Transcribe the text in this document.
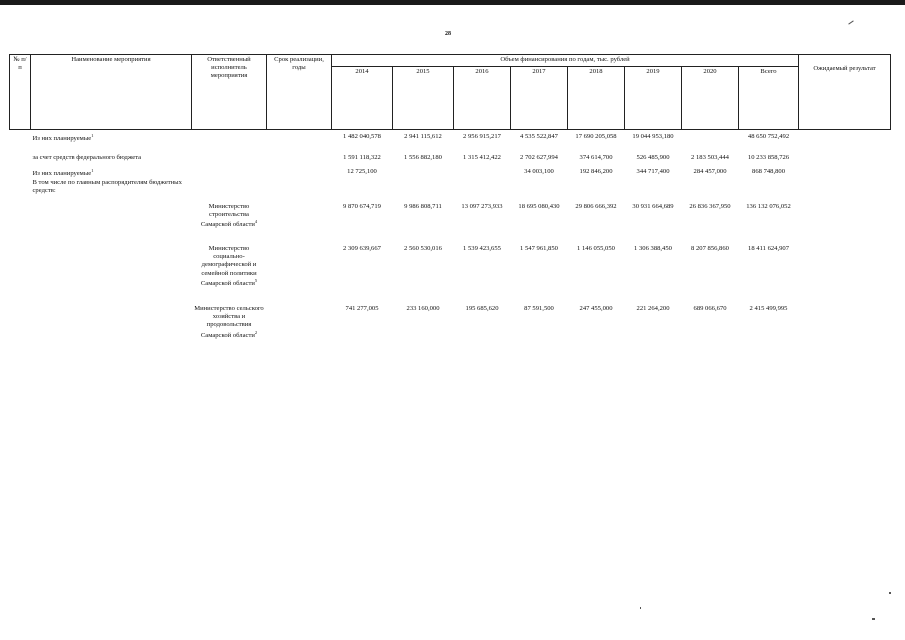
28
№ п/п	Наименование мероприятия	Ответственный исполнитель мероприятия	Срок реализации, годы	Объем финансирования по годам, тыс. рублей								Ожидаемый результат
				2014	2015	2016	2017	2018	2019	2020	Всего	
	Из них планируемые$^1$			1 482 040,578	2 941 115,612	2 956 915,217	4 535 522,847	17 690 205,058	19 044 953,180		48 650 752,492	
	за счет средств федерального бюджета			1 591 118,322	1 556 882,180	1 315 412,422	2 702 627,994	374 614,700	526 485,900	2 183 503,444	10 233 858,726	
	Из них планируемые$^1$			12 725,100			34 003,100	192 846,200	344 717,400	284 457,000	868 748,800	
	В том числе по главным распорядителям бюджетных средств:											
		Министерство строительства Самарской области$^4$		9 870 674,719	9 986 808,711	13 097 273,933	18 695 080,430	29 806 666,392	30 931 664,689	26 836 367,950	136 132 076,052	
		Министерство социально-демографической и семейной политики Самарской области$^5$		2 309 639,667	2 560 530,016	1 539 423,655	1 547 961,850	1 146 055,050	1 306 388,450	8 207 856,860	18 411 624,907	
		Министерство сельского хозяйства и продовольствия Самарской области$^2$		741 277,005	233 160,000	195 685,620	87 591,500	247 455,000	221 264,200	689 066,670	2 415 499,995	
